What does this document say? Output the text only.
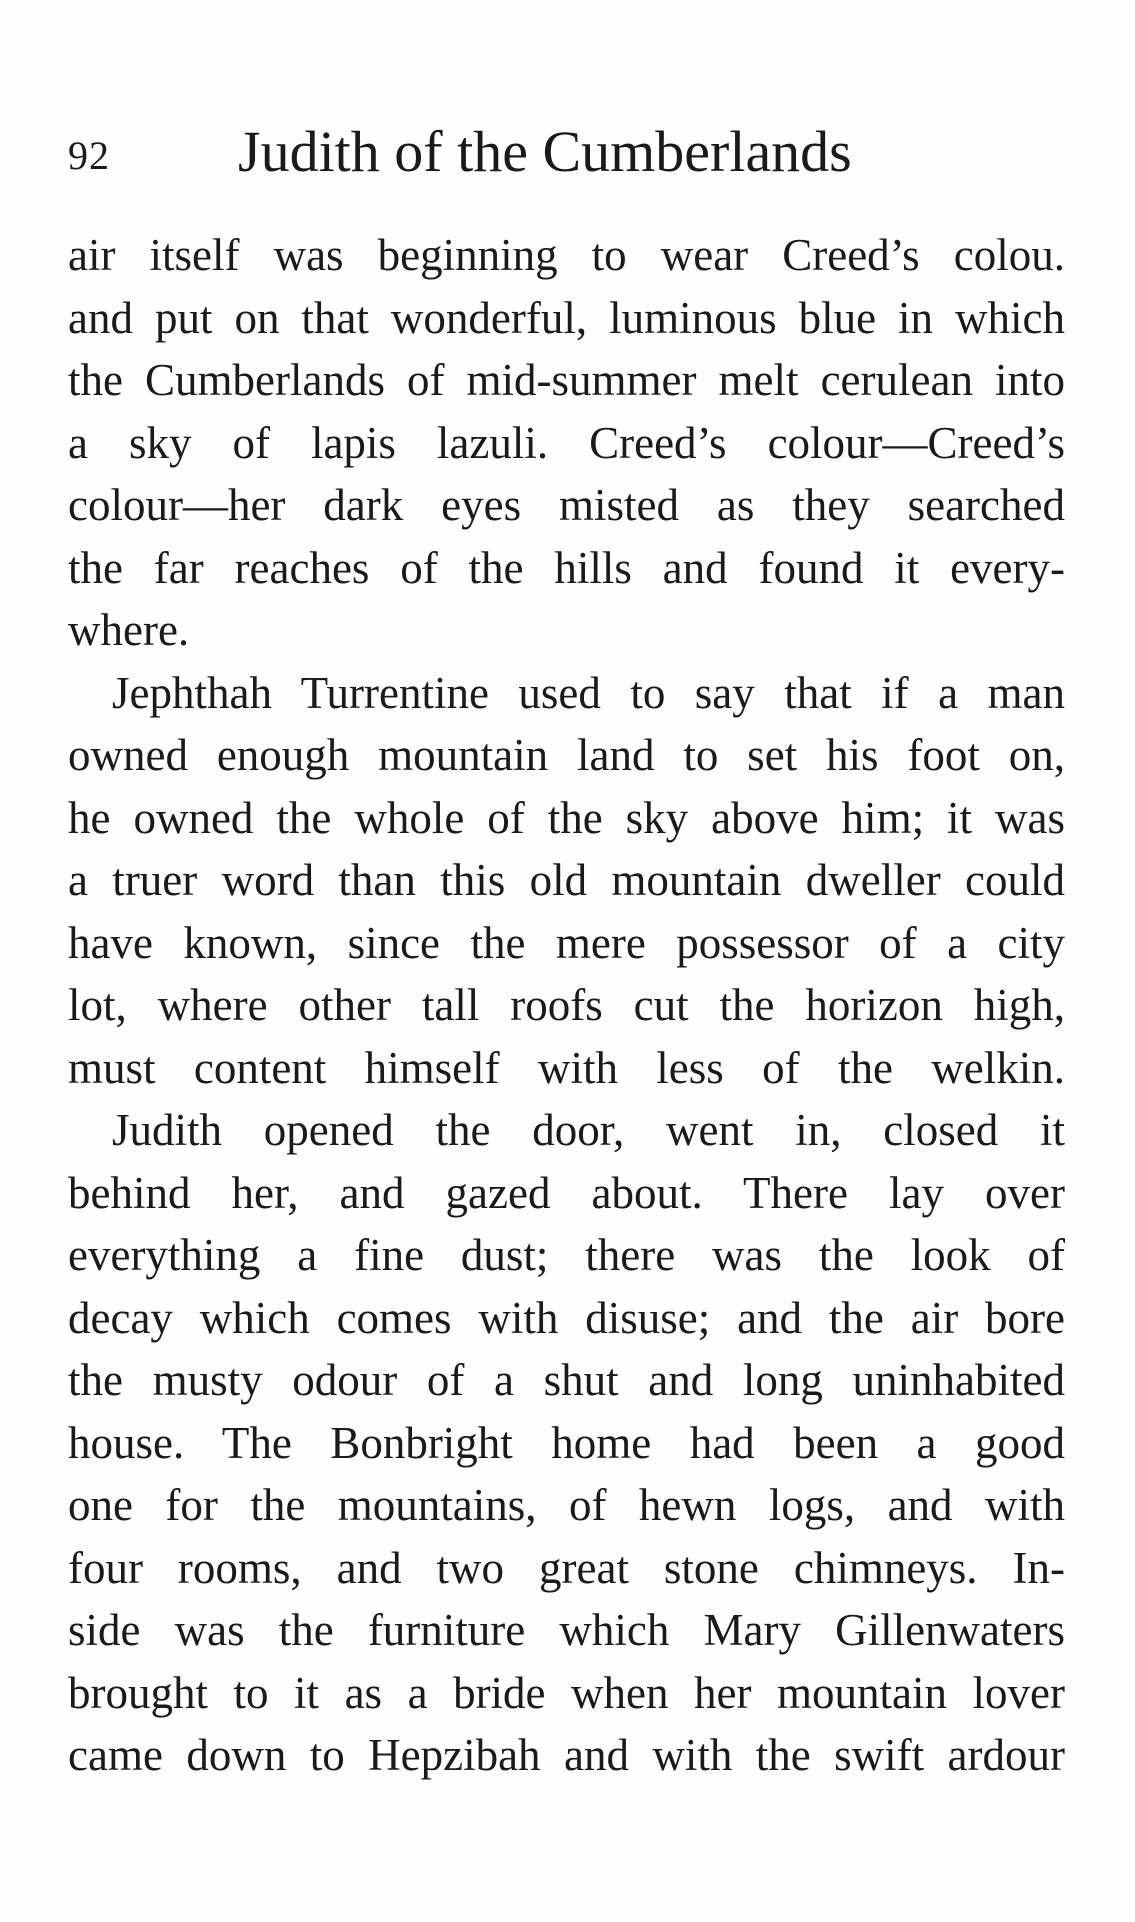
92 Judith of the Cumberlands
air itself was beginning to wear Creed’s colou.
and put on that wonderful, luminous blue in which
the Cumberlands of mid-summer melt cerulean into
a sky of lapis lazuli. Creed’s colour—Creed’s
colour—her dark eyes misted as they searched
the far reaches of the hills and found it every-
where.
Jephthah Turrentine used to say that if a man
owned enough mountain land to set his foot on,
he owned the whole of the sky above him; it was
a truer word than this old mountain dweller could
have known, since the mere possessor of a city
lot, where other tall roofs cut the horizon high,
must content himself with less of the welkin.
Judith opened the door, went in, closed it
behind her, and gazed about. There lay over
everything a fine dust; there was the look of
decay which comes with disuse; and the air bore
the musty odour of a shut and long uninhabited
house. The Bonbright home had been a good
one for the mountains, of hewn logs, and with
four rooms, and two great stone chimneys. In-
side was the furniture which Mary Gillenwaters
brought to it as a bride when her mountain lover
came down to Hepzibah and with the swift ardour
